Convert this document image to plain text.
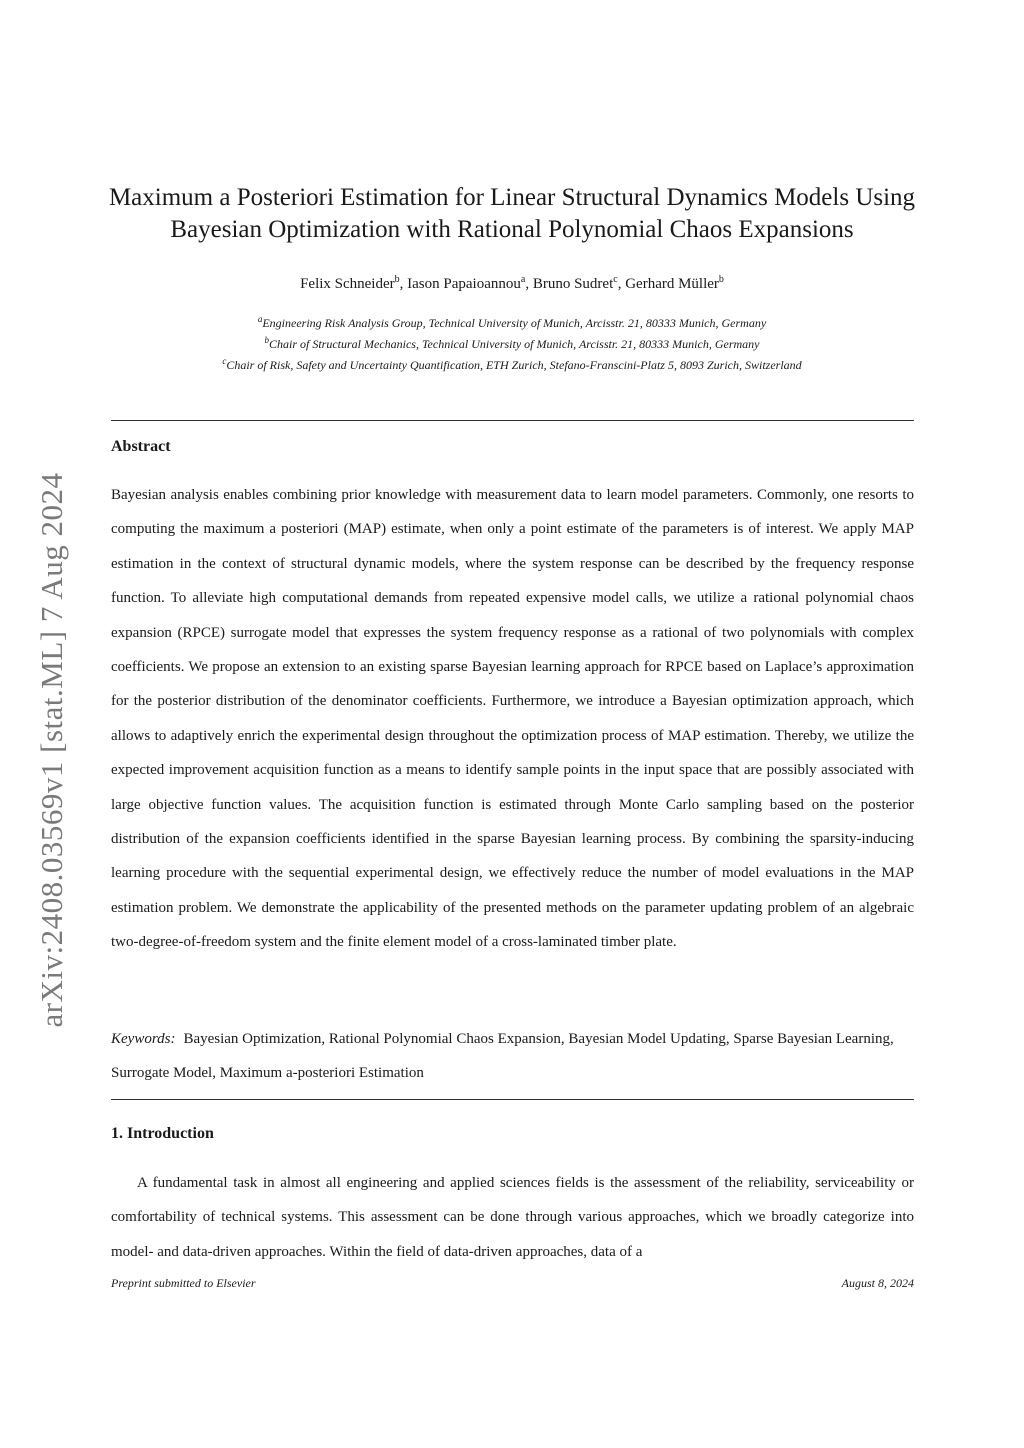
arXiv:2408.03569v1 [stat.ML] 7 Aug 2024
Maximum a Posteriori Estimation for Linear Structural Dynamics Models Using
Bayesian Optimization with Rational Polynomial Chaos Expansions
Felix Schneider$^b$, Iason Papaioannou$^a$, Bruno Sudret$^c$, Gerhard Müller$^b$
$^a$Engineering Risk Analysis Group, Technical University of Munich, Arcisstr. 21, 80333 Munich, Germany
$^b$Chair of Structural Mechanics, Technical University of Munich, Arcisstr. 21, 80333 Munich, Germany
$^c$Chair of Risk, Safety and Uncertainty Quantification, ETH Zurich, Stefano-Franscini-Platz 5, 8093 Zurich, Switzerland
Abstract
Bayesian analysis enables combining prior knowledge with measurement data to learn model parameters. Commonly, one resorts to computing the maximum a posteriori (MAP) estimate, when only a point estimate of the parameters is of interest. We apply MAP estimation in the context of structural dynamic models, where the system response can be described by the frequency response function. To alleviate high computational demands from repeated expensive model calls, we utilize a rational polynomial chaos expansion (RPCE) surrogate model that expresses the system frequency response as a rational of two polynomials with complex coefficients. We propose an extension to an existing sparse Bayesian learning approach for RPCE based on Laplace’s approximation for the posterior distribution of the denominator coefficients. Furthermore, we introduce a Bayesian optimization approach, which allows to adaptively enrich the experimental design throughout the optimization process of MAP estimation. Thereby, we utilize the expected improvement acquisition function as a means to identify sample points in the input space that are possibly associated with large objective function values. The acquisition function is estimated through Monte Carlo sampling based on the posterior distribution of the expansion coefficients identified in the sparse Bayesian learning process. By combining the sparsity-inducing learning procedure with the sequential experimental design, we effectively reduce the number of model evaluations in the MAP estimation problem. We demonstrate the applicability of the presented methods on the parameter updating problem of an algebraic two-degree-of-freedom system and the finite element model of a cross-laminated timber plate.
Keywords: Bayesian Optimization, Rational Polynomial Chaos Expansion, Bayesian Model Updating, Sparse Bayesian Learning, Surrogate Model, Maximum a-posteriori Estimation
1. Introduction
A fundamental task in almost all engineering and applied sciences fields is the assessment of the reliability, serviceability or comfortability of technical systems. This assessment can be done through various approaches, which we broadly categorize into model- and data-driven approaches. Within the field of data-driven approaches, data of a
Preprint submitted to Elsevier	August 8, 2024
